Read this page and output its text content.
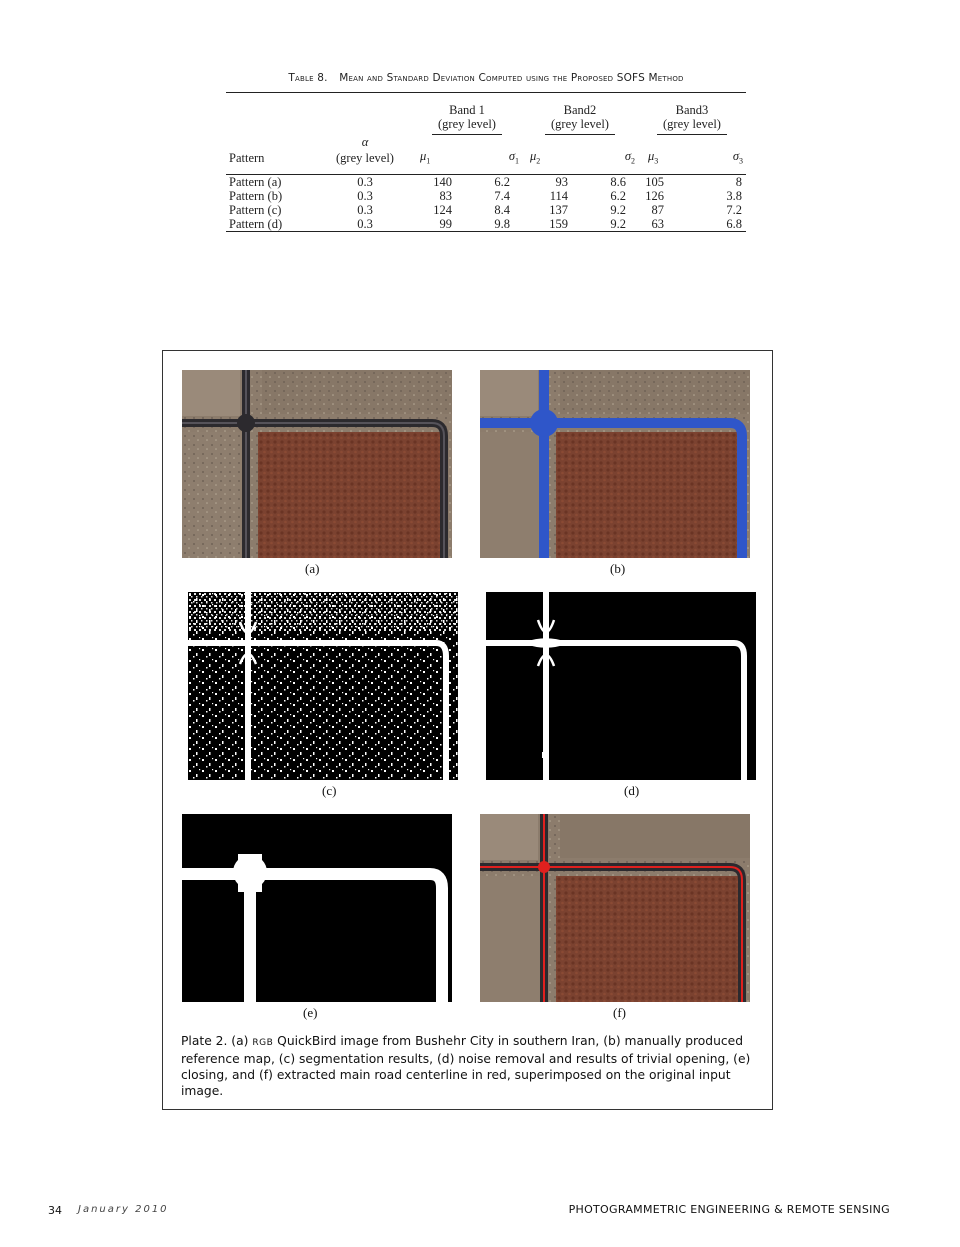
Table 8. Mean and Standard Deviation Computed using the Proposed SOFS Method

		Band 1
(grey level)		Band2
(grey level)		Band3
(grey level)	
	α						
Pattern	(grey level)	$\mu_1$	$\sigma_1$	$\mu_2$	$\sigma_2$	$\mu_3$	$\sigma_3$

Pattern (a)	0.3	140	6.2	93	8.6	105	8
Pattern (b)	0.3	83	7.4	114	6.2	126	3.8
Pattern (c)	0.3	124	8.4	137	9.2	87	7.2
Pattern (d)	0.3	99	9.8	159	9.2	63	6.8
(a)	(b)
(c)	(d)
(e)	(f)
Plate 2. (a) RGB QuickBird image from Bushehr City in southern Iran, (b) manually produced reference map, (c) segmentation results, (d) noise removal and results of trivial opening, (e) closing, and (f) extracted main road centerline in red, superimposed on the original input image.
34 January 2010	PHOTOGRAMMETRIC ENGINEERING & REMOTE SENSING
